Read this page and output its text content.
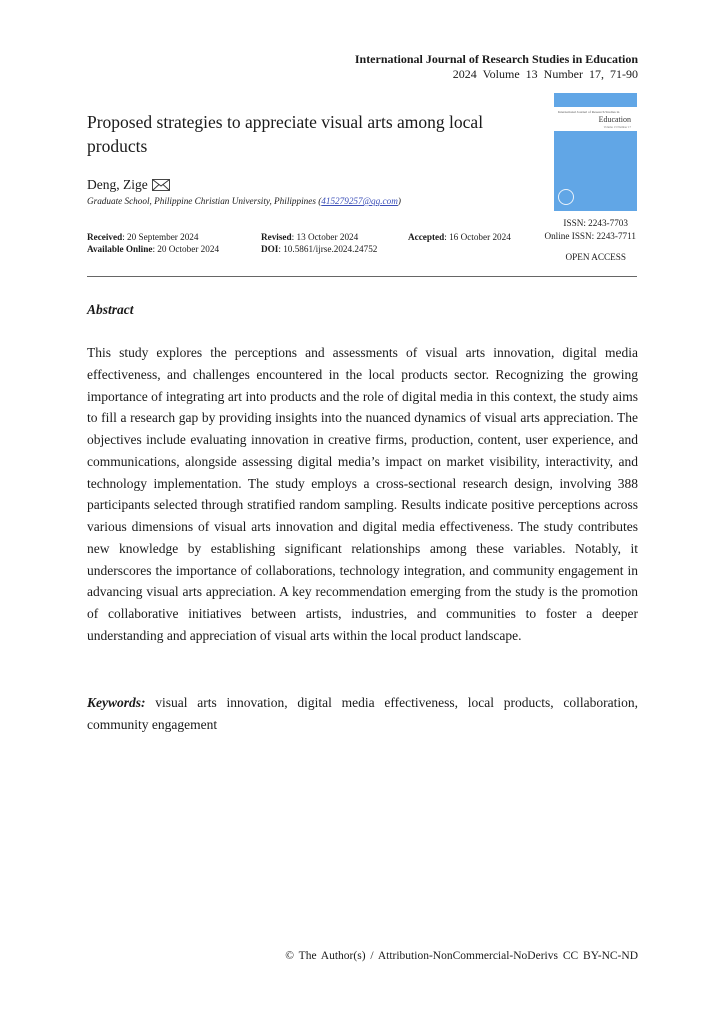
International Journal of Research Studies in Education
2024 Volume 13 Number 17, 71-90
Proposed strategies to appreciate visual arts among local products
Deng, Zige
Graduate School, Philippine Christian University, Philippines (415279257@qq.com)
International Journal of Research Studies in
Education
Volume 13 Number 17
Received: 20 September 2024
Available Online: 20 October 2024
Revised: 13 October 2024
DOI: 10.5861/ijrse.2024.24752
Accepted: 16 October 2024
ISSN: 2243-7703
Online ISSN: 2243-7711
OPEN ACCESS
Abstract
This study explores the perceptions and assessments of visual arts innovation, digital media effectiveness, and challenges encountered in the local products sector. Recognizing the growing importance of integrating art into products and the role of digital media in this context, the study aims to fill a research gap by providing insights into the nuanced dynamics of visual arts appreciation. The objectives include evaluating innovation in creative firms, production, content, user experience, and communications, alongside assessing digital media’s impact on market visibility, interactivity, and technology implementation. The study employs a cross-sectional research design, involving 388 participants selected through stratified random sampling. Results indicate positive perceptions across various dimensions of visual arts innovation and digital media effectiveness. The study contributes new knowledge by establishing significant relationships among these variables. Notably, it underscores the importance of collaborations, technology integration, and community engagement in advancing visual arts appreciation. A key recommendation emerging from the study is the promotion of collaborative initiatives between artists, industries, and communities to foster a deeper understanding and appreciation of visual arts within the local product landscape.
Keywords: visual arts innovation, digital media effectiveness, local products, collaboration, community engagement
© The Author(s) / Attribution-NonCommercial-NoDerivs CC BY-NC-ND
